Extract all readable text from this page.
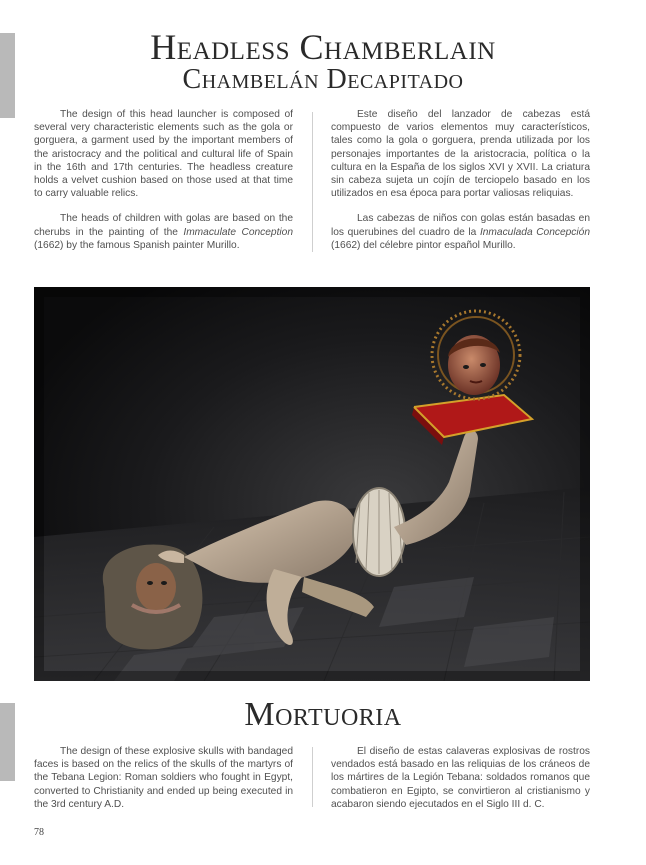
Headless Chamberlain
Chambelán Decapitado

The design of this head launcher is composed of several very characteristic elements such as the gola or gorguera, a garment used by the important members of the aristocracy and the political and cultural life of Spain in the 16th and 17th centuries. The headless creature holds a velvet cushion based on those used at that time to carry valuable relics.

The heads of children with golas are based on the cherubs in the painting of the Immaculate Conception (1662) by the famous Spanish painter Murillo.

Este diseño del lanzador de cabezas está compuesto de varios elementos muy característicos, tales como la gola o gorguera, prenda utilizada por los personajes importantes de la aristocracia, política o la cultura en la España de los siglos XVI y XVII. La criatura sin cabeza sujeta un cojín de terciopelo basado en los utilizados en esa época para portar valiosas reliquias.

Las cabezas de niños con golas están basadas en los querubines del cuadro de la Inmaculada Concepción (1662) del célebre pintor español Murillo.

Mortuoria

The design of these explosive skulls with bandaged faces is based on the relics of the skulls of the martyrs of the Tebana Legion: Roman soldiers who fought in Egypt, converted to Christianity and ended up being executed in the 3rd century A.D.

El diseño de estas calaveras explosivas de rostros vendados está basado en las reliquias de los cráneos de los mártires de la Legión Tebana: soldados romanos que combatieron en Egipto, se convirtieron al cristianismo y acabaron siendo ejecutados en el Siglo III d. C.

78
